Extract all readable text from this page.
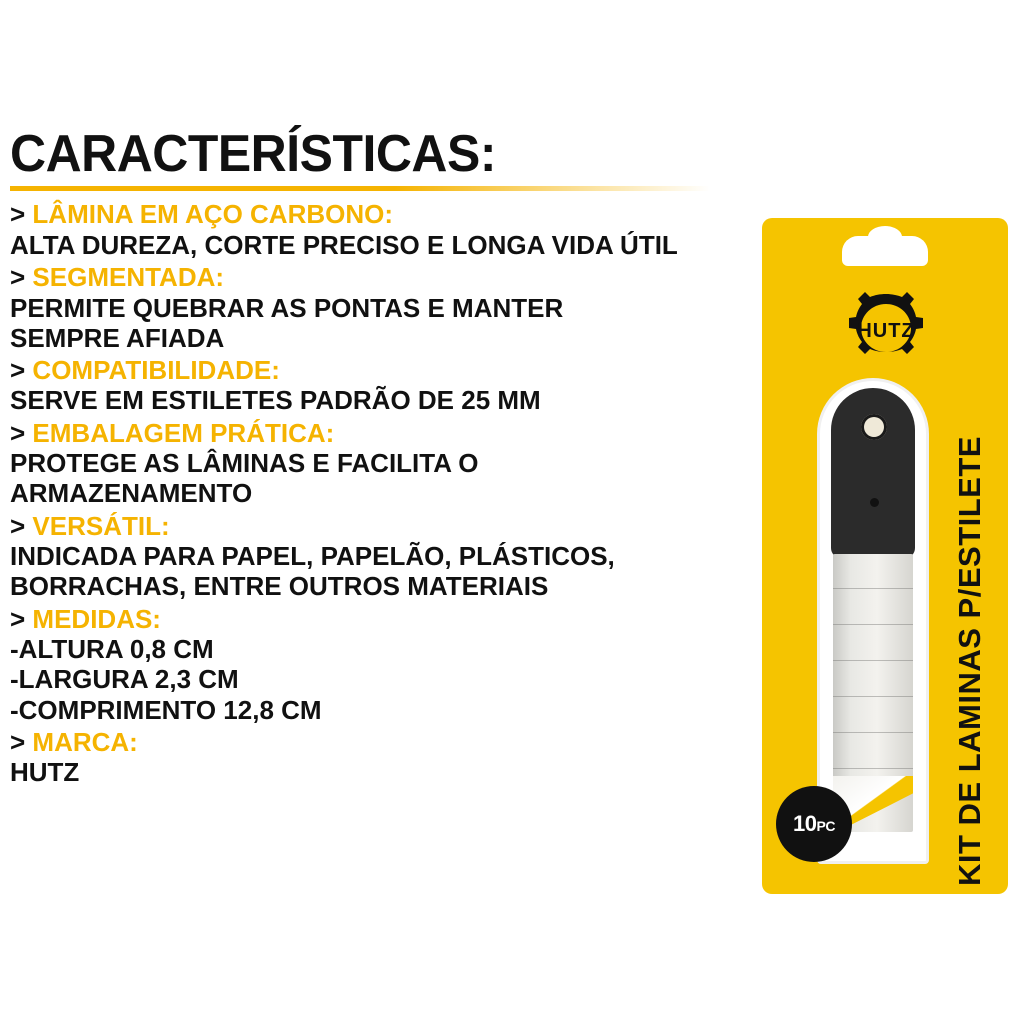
CARACTERÍSTICAS:
> LÂMINA EM AÇO CARBONO:
ALTA DUREZA, CORTE PRECISO E LONGA VIDA ÚTIL
> SEGMENTADA:
PERMITE QUEBRAR AS PONTAS E MANTER
SEMPRE AFIADA
> COMPATIBILIDADE:
SERVE EM ESTILETES PADRÃO DE 25 MM
> EMBALAGEM PRÁTICA:
PROTEGE AS LÂMINAS E FACILITA O
ARMAZENAMENTO
> VERSÁTIL:
INDICADA PARA PAPEL, PAPELÃO, PLÁSTICOS,
BORRACHAS, ENTRE OUTROS MATERIAIS
> MEDIDAS:
-ALTURA 0,8 CM
-LARGURA 2,3 CM
-COMPRIMENTO 12,8 CM
> MARCA:
HUTZ
HUTZ
10PC	KIT DE LAMINAS P/ESTILETE
